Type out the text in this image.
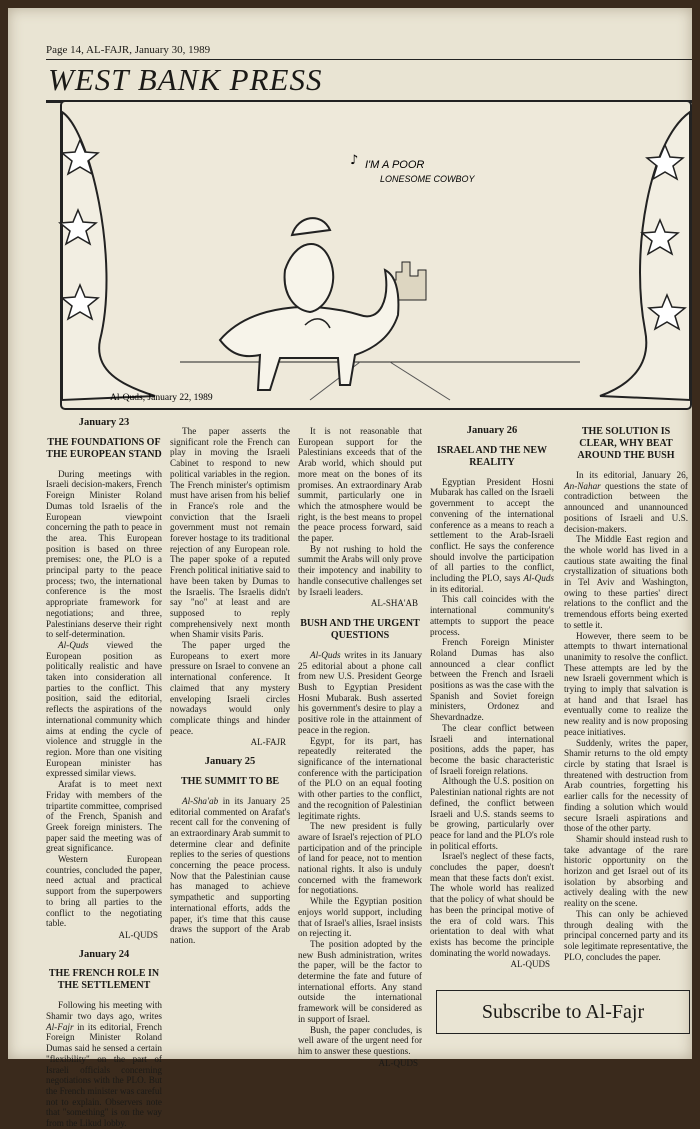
Page 14, AL-FAJR, January 30, 1989
WEST BANK PRESS
I'M A POOR
LONESOME COWBOY
♪
Al-Quds, January 22, 1989
January 23
THE FOUNDATIONS OF THE EUROPEAN STAND

During meetings with Israeli decision-makers, French Foreign Minister Roland Dumas told Israelis of the European viewpoint concerning the path to peace in the area. This European position is based on three premises: one, the PLO is a principal party to the peace process; two, the international conference is the most appropriate framework for negotiations; and three, Palestinians deserve their right to self-determination.

Al-Quds viewed the European position as politically realistic and have taken into consideration all parties to the conflict. This position, said the editorial, reflects the aspirations of the international community which aims at ending the cycle of violence and struggle in the region. More than one visiting European minister has expressed similar views.

Arafat is to meet next Friday with members of the tripartite committee, comprised of the French, Spanish and Greek foreign ministers. The paper said the meeting was of great significance.

Western European countries, concluded the paper, need actual and practical support from the superpowers to bring all parties to the conflict to the negotiating table.

AL-QUDS
January 24
THE FRENCH ROLE IN THE SETTLEMENT

Following his meeting with Shamir two days ago, writes Al-Fajr in its editorial, French Foreign Minister Roland Dumas said he sensed a certain "flexibility" on the part of Israeli officials concerning negotiations with the PLO. But the French minister was careful not to explain. Observers note that "something" is on the way from the Likud lobby.

The paper asserts the significant role the French can play in moving the Israeli Cabinet to respond to new political variables in the region. The French minister's optimism must have arisen from his belief in France's role and the conviction that the Israeli government must not remain forever hostage to its traditional rejection of any European role. The paper spoke of a reputed French political initiative said to have been taken by Dumas to the Israelis. The Israelis didn't say "no" at least and are supposed to reply comprehensively next month when Shamir visits Paris.

The paper urged the Europeans to exert more pressure on Israel to convene an international conference. It claimed that any mystery enveloping Israeli circles nowadays would only complicate things and hinder peace.

AL-FAJR
January 25
THE SUMMIT TO BE

Al-Sha'ab in its January 25 editorial commented on Arafat's recent call for the convening of an extraordinary Arab summit to determine clear and definite replies to the series of questions concerning the peace process. Now that the Palestinian cause has managed to achieve sympathetic and supporting international efforts, adds the paper, it's time that this cause draws the support of the Arab nation.

It is not reasonable that European support for the Palestinians exceeds that of the Arab world, which should put more meat on the bones of its promises. An extraordinary Arab summit, particularly one in which the atmosphere would be right, is the best means to propel the peace process forward, said the paper.

By not rushing to hold the summit the Arabs will only prove their impotency and inability to handle consecutive challenges set by Israeli leaders.

AL-SHA'AB
BUSH AND THE URGENT QUESTIONS

Al-Quds writes in its January 25 editorial about a phone call from new U.S. President George Bush to Egyptian President Hosni Mubarak. Bush asserted his government's desire to play a positive role in the attainment of peace in the region.

Egypt, for its part, has repeatedly reiterated the significance of the international conference with the participation of the PLO on an equal footing with other parties to the conflict, and the recognition of Palestinian legitimate rights.

The new president is fully aware of Israel's rejection of PLO participation and of the principle of land for peace, not to mention national rights. It also is unduly concerned with the framework for negotiations.

While the Egyptian position enjoys world support, including that of Israel's allies, Israel insists on rejecting it.

The position adopted by the new Bush administration, writes the paper, will be the factor to determine the fate and future of international efforts. Any stand outside the international framework will be considered as in support of Israel.

Bush, the paper concludes, is well aware of the urgent need for him to answer these questions.

AL-QUDS
January 26
ISRAEL AND THE NEW REALITY

Egyptian President Hosni Mubarak has called on the Israeli government to accept the convening of the international conference as a means to reach a settlement to the Arab-Israeli conflict. He says the conference should involve the participation of all parties to the conflict, including the PLO, says Al-Quds in its editorial.

This call coincides with the international community's attempts to support the peace process.

French Foreign Minister Roland Dumas has also announced a clear conflict between the French and Israeli positions as was the case with the Spanish and Soviet foreign ministers, Ordonez and Shevardnadze.

The clear conflict between Israeli and international positions, adds the paper, has become the basic characteristic of Israeli foreign relations.

Although the U.S. position on Palestinian national rights are not defined, the conflict between Israeli and U.S. stands seems to be growing, particularly over peace for land and the PLO's role in political efforts.

Israel's neglect of these facts, concludes the paper, doesn't mean that these facts don't exist. The whole world has realized that the policy of what should be has been the principal motive of the era of cold wars. This orientation to deal with what exists has become the principle dominating the world nowadays.

AL-QUDS
THE SOLUTION IS CLEAR, WHY BEAT AROUND THE BUSH

In its editorial, January 26, An-Nahar questions the state of contradiction between the announced and unannounced positions of Israeli and U.S. decision-makers.

The Middle East region and the whole world has lived in a cautious state awaiting the final crystallization of situations both in Tel Aviv and Washington, owing to these parties' direct relations to the conflict and the tremendous efforts being exerted to settle it.

However, there seem to be attempts to thwart international unanimity to resolve the conflict. These attempts are led by the new Israeli government which is trying to imply that salvation is at hand and that Israel has eventually come to realize the new reality and is now proposing peace initiatives.

Suddenly, writes the paper, Shamir returns to the old empty circle by stating that Israel is threatened with destruction from Arab countries, forgetting his earlier calls for the necessity of finding a solution which would secure Israeli aspirations and those of the other party.

Shamir should instead rush to take advantage of the rare historic opportunity on the horizon and get Israel out of its isolation by absorbing and actively dealing with the new reality on the scene.

This can only be achieved through dealing with the principal concerned party and its sole legitimate representative, the PLO, concludes the paper.

Subscribe to Al-Fajr
